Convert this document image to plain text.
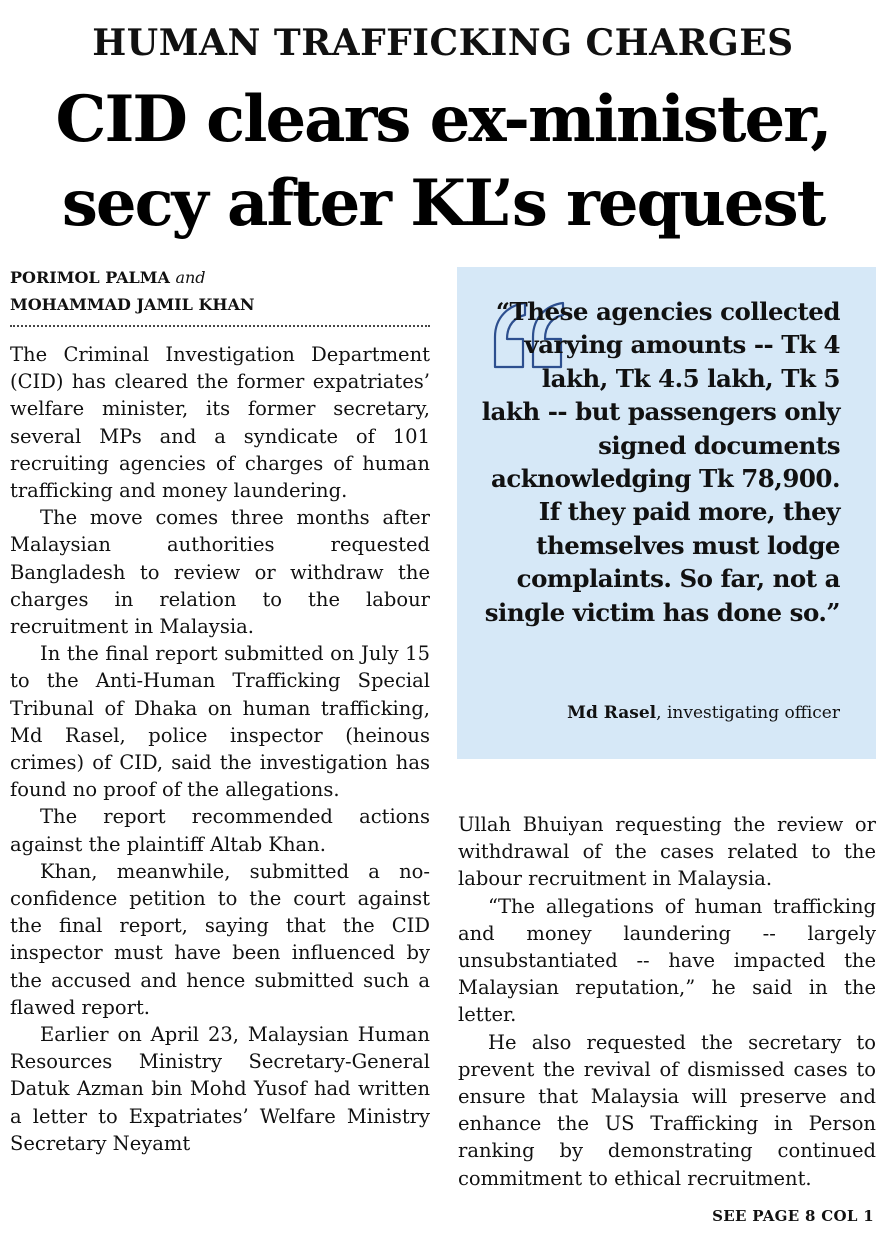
HUMAN TRAFFICKING CHARGES
CID clears ex-minister,
secy after KL’s request
PORIMOL PALMA and
MOHAMMAD JAMIL KHAN

The Criminal Investigation Department (CID) has cleared the former expatriates’ welfare minister, its former secretary, several MPs and a syndicate of 101 recruiting agencies of charges of human trafficking and money laundering.

The move comes three months after Malaysian authorities requested Bangladesh to review or withdraw the charges in relation to the labour recruitment in Malaysia.

In the final report submitted on July 15 to the Anti-Human Trafficking Special Tribunal of Dhaka on human trafficking, Md Rasel, police inspector (heinous crimes) of CID, said the investigation has found no proof of the allegations.

The report recommended actions against the plaintiff Altab Khan.

Khan, meanwhile, submitted a no-confidence petition to the court against the final report, saying that the CID inspector must have been influenced by the accused and hence submitted such a flawed report.

Earlier on April 23, Malaysian Human Resources Ministry Secretary-General Datuk Azman bin Mohd Yusof had written a letter to Expatriates’ Welfare Ministry Secretary Neyamt

“These agencies collected varying amounts -- Tk 4 lakh, Tk 4.5 lakh, Tk 5 lakh -- but passengers only signed documents acknowledging Tk 78,900. If they paid more, they themselves must lodge complaints. So far, not a single victim has done so.”
Md Rasel, investigating officer

Ullah Bhuiyan requesting the review or withdrawal of the cases related to the labour recruitment in Malaysia.

“The allegations of human trafficking and money laundering -- largely unsubstantiated -- have impacted the Malaysian reputation,” he said in the letter.

He also requested the secretary to prevent the revival of dismissed cases to ensure that Malaysia will preserve and enhance the US Trafficking in Person ranking by demonstrating continued commitment to ethical recruitment.

SEE PAGE 8 COL 1
